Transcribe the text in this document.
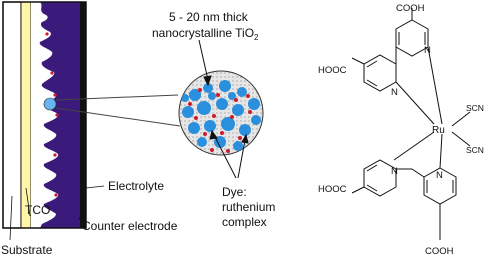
5 - 20 nm thick
nanocrystalline TiO$_2$
Electrolyte	Dye:
ruthenium
complex
TCO
Counter electrode
Substrate
COOH
HOOC
N
N
Ru
SCN
SCN
N	N
HOOC
COOH
